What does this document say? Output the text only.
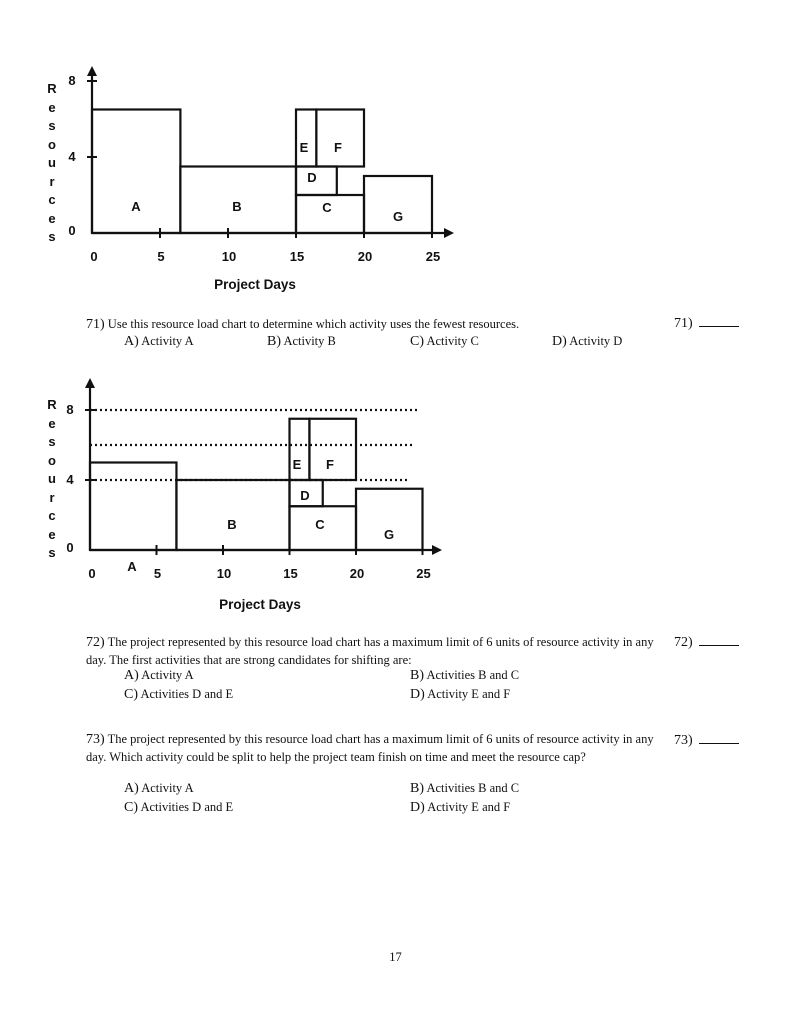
R
e
s
o
u
r
c
e
s
A	B	C
D
E F
G
0	5	10	15	20	25
0
4
8
Project Days
71) Use this resource load chart to determine which activity uses the fewest resources.	71)
A) Activity A	B) Activity B	C) Activity C	D) Activity D
R
e
s
o
u
r
c
e
s
A
B	C
D
E F
G
0	5	10	15	20	25
0
4
8
Project Days
72) The project represented by this resource load chart has a maximum limit of 6 units of resource activity in any day. The first activities that are strong candidates for shifting are:
72)
A) Activity A	B) Activities B and C
C) Activities D and E	D) Activity E and F
73) The project represented by this resource load chart has a maximum limit of 6 units of resource activity in any day. Which activity could be split to help the project team finish on time and meet the resource cap?
73)
A) Activity A	B) Activities B and C
C) Activities D and E	D) Activity E and F
17
